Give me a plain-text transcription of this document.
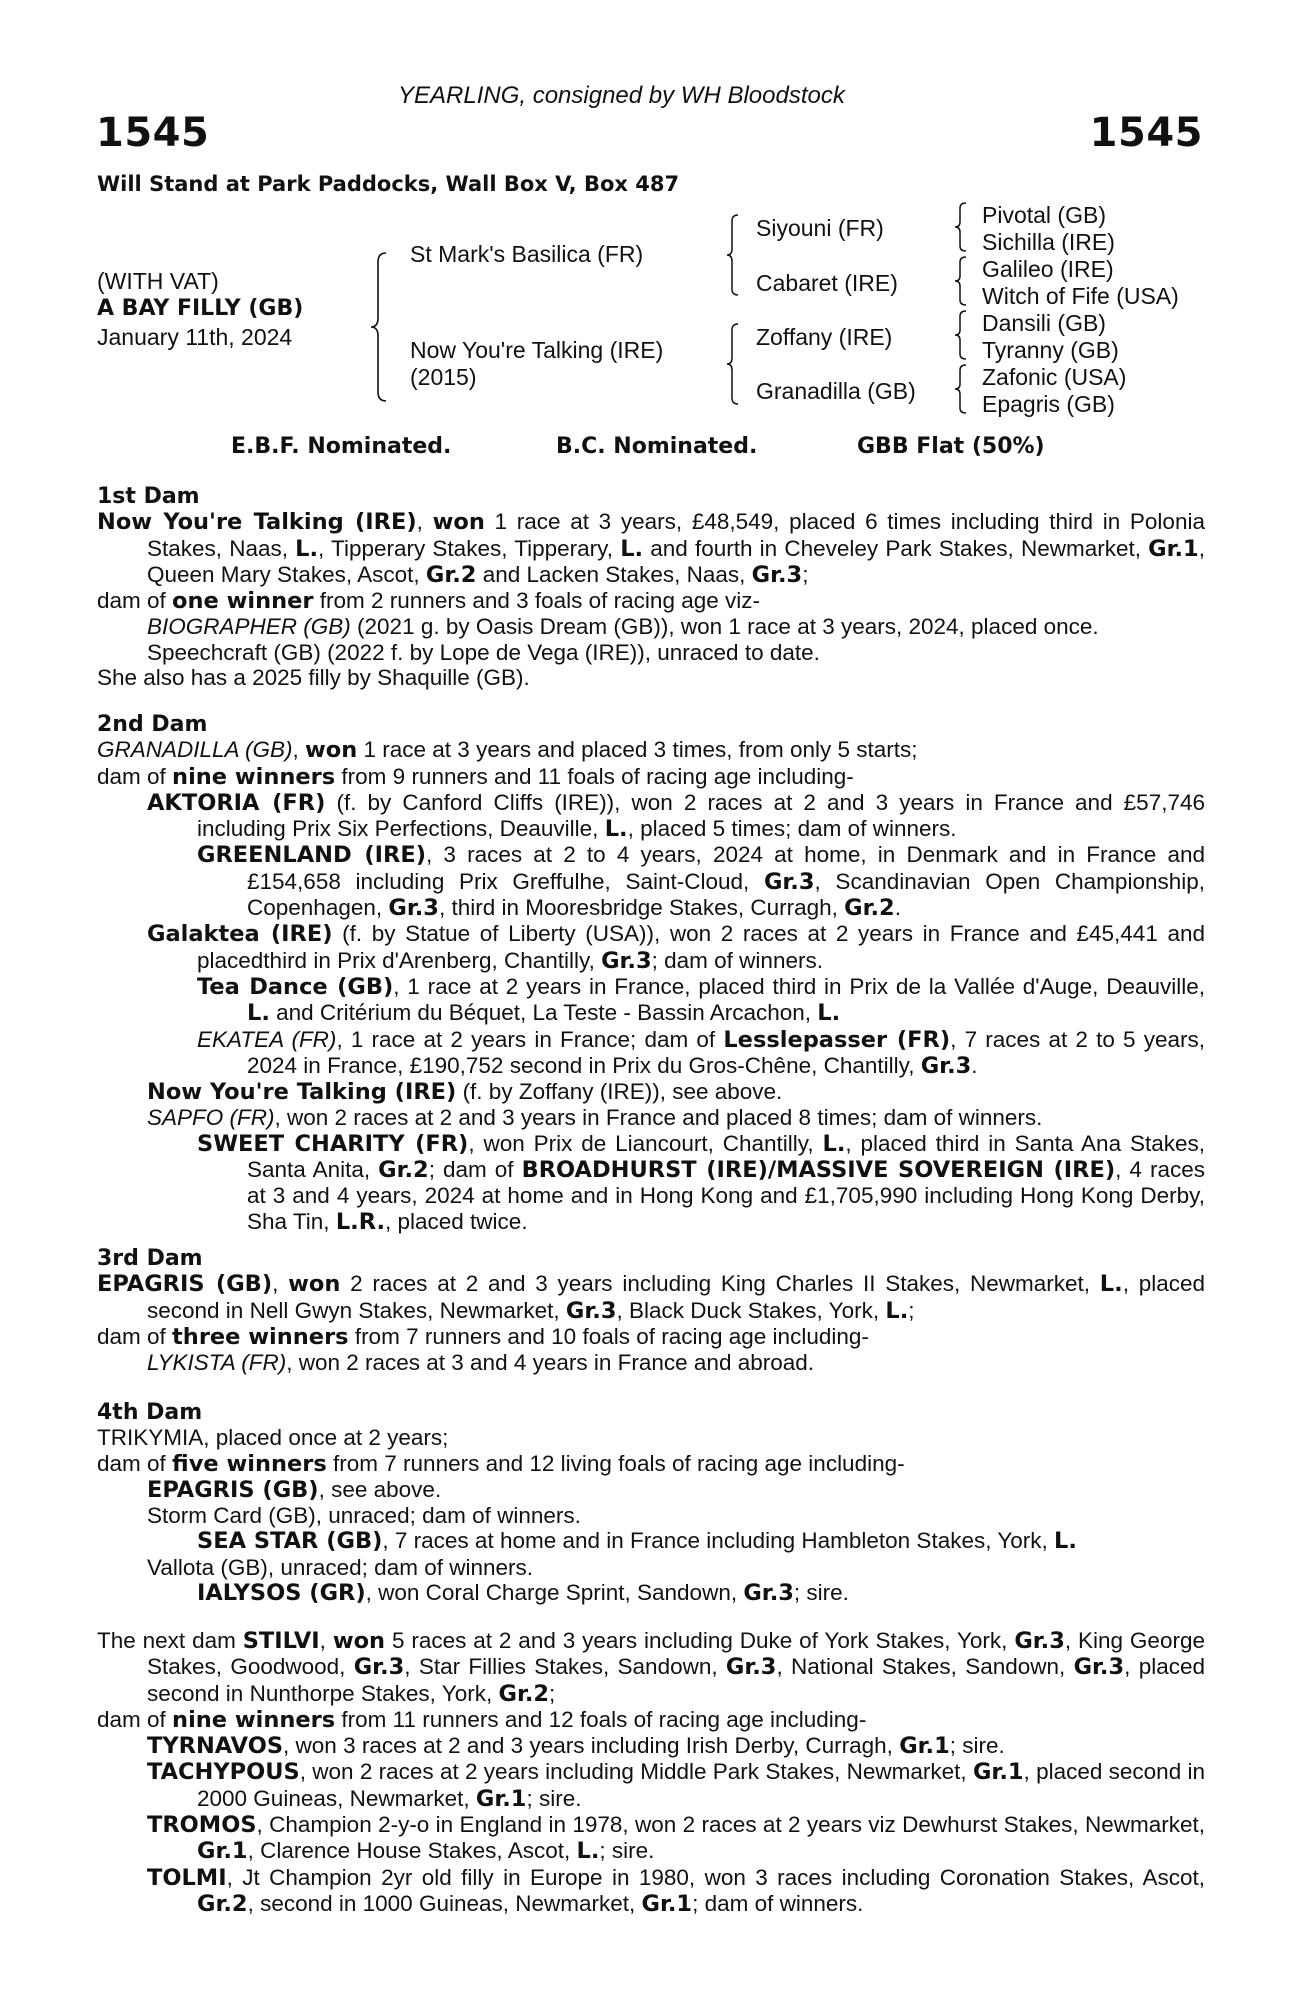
YEARLING, consigned by WH Bloodstock
1545	1545
Will Stand at Park Paddocks, Wall Box V, Box 487
(WITH VAT)
A BAY FILLY (GB)
January 11th, 2024
St Mark's Basilica (FR)
Now You're Talking (IRE)
(2015)
Siyouni (FR)
Cabaret (IRE)
Zoffany (IRE)
Granadilla (GB)
Pivotal (GB)
Sichilla (IRE)
Galileo (IRE)
Witch of Fife (USA)
Dansili (GB)
Tyranny (GB)
Zafonic (USA)
Epagris (GB)
E.B.F. Nominated.	B.C. Nominated.	GBB Flat (50%)
1st Dam
Now You're Talking (IRE), won 1 race at 3 years, £48,549, placed 6 times including third in Polonia Stakes, Naas, L., Tipperary Stakes, Tipperary, L. and fourth in Cheveley Park Stakes, Newmarket, Gr.1, Queen Mary Stakes, Ascot, Gr.2 and Lacken Stakes, Naas, Gr.3;
dam of one winner from 2 runners and 3 foals of racing age viz-
BIOGRAPHER (GB) (2021 g. by Oasis Dream (GB)), won 1 race at 3 years, 2024, placed once.
Speechcraft (GB) (2022 f. by Lope de Vega (IRE)), unraced to date.
She also has a 2025 filly by Shaquille (GB).
2nd Dam
GRANADILLA (GB), won 1 race at 3 years and placed 3 times, from only 5 starts;
dam of nine winners from 9 runners and 11 foals of racing age including-
AKTORIA (FR) (f. by Canford Cliffs (IRE)), won 2 races at 2 and 3 years in France and £57,746 including Prix Six Perfections, Deauville, L., placed 5 times; dam of winners.
GREENLAND (IRE), 3 races at 2 to 4 years, 2024 at home, in Denmark and in France and £154,658 including Prix Greffulhe, Saint-Cloud, Gr.3, Scandinavian Open Championship, Copenhagen, Gr.3, third in Mooresbridge Stakes, Curragh, Gr.2.
Galaktea (IRE) (f. by Statue of Liberty (USA)), won 2 races at 2 years in France and £45,441 and placedthird in Prix d'Arenberg, Chantilly, Gr.3; dam of winners.
Tea Dance (GB), 1 race at 2 years in France, placed third in Prix de la Vallée d'Auge, Deauville, L. and Critérium du Béquet, La Teste - Bassin Arcachon, L.
EKATEA (FR), 1 race at 2 years in France; dam of Lesslepasser (FR), 7 races at 2 to 5 years, 2024 in France, £190,752 second in Prix du Gros-Chêne, Chantilly, Gr.3.
Now You're Talking (IRE) (f. by Zoffany (IRE)), see above.
SAPFO (FR), won 2 races at 2 and 3 years in France and placed 8 times; dam of winners.
SWEET CHARITY (FR), won Prix de Liancourt, Chantilly, L., placed third in Santa Ana Stakes, Santa Anita, Gr.2; dam of BROADHURST (IRE)/MASSIVE SOVEREIGN (IRE), 4 races at 3 and 4 years, 2024 at home and in Hong Kong and £1,705,990 including Hong Kong Derby, Sha Tin, L.R., placed twice.
3rd Dam
EPAGRIS (GB), won 2 races at 2 and 3 years including King Charles II Stakes, Newmarket, L., placed second in Nell Gwyn Stakes, Newmarket, Gr.3, Black Duck Stakes, York, L.;
dam of three winners from 7 runners and 10 foals of racing age including-
LYKISTA (FR), won 2 races at 3 and 4 years in France and abroad.
4th Dam
TRIKYMIA, placed once at 2 years;
dam of five winners from 7 runners and 12 living foals of racing age including-
EPAGRIS (GB), see above.
Storm Card (GB), unraced; dam of winners.
SEA STAR (GB), 7 races at home and in France including Hambleton Stakes, York, L.
Vallota (GB), unraced; dam of winners.
IALYSOS (GR), won Coral Charge Sprint, Sandown, Gr.3; sire.
The next dam STILVI, won 5 races at 2 and 3 years including Duke of York Stakes, York, Gr.3, King George Stakes, Goodwood, Gr.3, Star Fillies Stakes, Sandown, Gr.3, National Stakes, Sandown, Gr.3, placed second in Nunthorpe Stakes, York, Gr.2;
dam of nine winners from 11 runners and 12 foals of racing age including-
TYRNAVOS, won 3 races at 2 and 3 years including Irish Derby, Curragh, Gr.1; sire.
TACHYPOUS, won 2 races at 2 years including Middle Park Stakes, Newmarket, Gr.1, placed second in 2000 Guineas, Newmarket, Gr.1; sire.
TROMOS, Champion 2-y-o in England in 1978, won 2 races at 2 years viz Dewhurst Stakes, Newmarket, Gr.1, Clarence House Stakes, Ascot, L.; sire.
TOLMI, Jt Champion 2yr old filly in Europe in 1980, won 3 races including Coronation Stakes, Ascot, Gr.2, second in 1000 Guineas, Newmarket, Gr.1; dam of winners.
